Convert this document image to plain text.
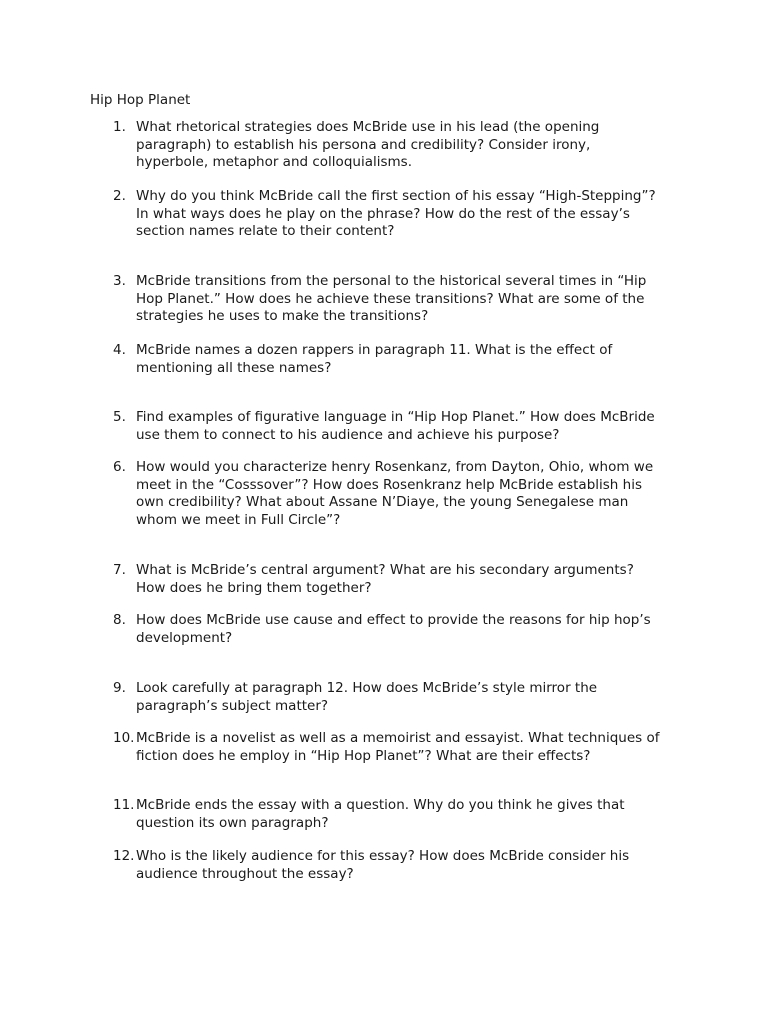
Hip Hop Planet
1. What rhetorical strategies does McBride use in his lead (the opening
paragraph) to establish his persona and credibility? Consider irony,
hyperbole, metaphor and colloquialisms.
2. Why do you think McBride call the first section of his essay “High-Stepping”?
In what ways does he play on the phrase? How do the rest of the essay’s
section names relate to their content?
3. McBride transitions from the personal to the historical several times in “Hip
Hop Planet.” How does he achieve these transitions? What are some of the
strategies he uses to make the transitions?
4. McBride names a dozen rappers in paragraph 11. What is the effect of
mentioning all these names?
5. Find examples of figurative language in “Hip Hop Planet.” How does McBride
use them to connect to his audience and achieve his purpose?
6. How would you characterize henry Rosenkanz, from Dayton, Ohio, whom we
meet in the “Cosssover”? How does Rosenkranz help McBride establish his
own credibility? What about Assane N’Diaye, the young Senegalese man
whom we meet in Full Circle”?
7. What is McBride’s central argument? What are his secondary arguments?
How does he bring them together?
8. How does McBride use cause and effect to provide the reasons for hip hop’s
development?
9. Look carefully at paragraph 12. How does McBride’s style mirror the
paragraph’s subject matter?
10. McBride is a novelist as well as a memoirist and essayist. What techniques of
fiction does he employ in “Hip Hop Planet”? What are their effects?
11. McBride ends the essay with a question. Why do you think he gives that
question its own paragraph?
12. Who is the likely audience for this essay? How does McBride consider his
audience throughout the essay?
